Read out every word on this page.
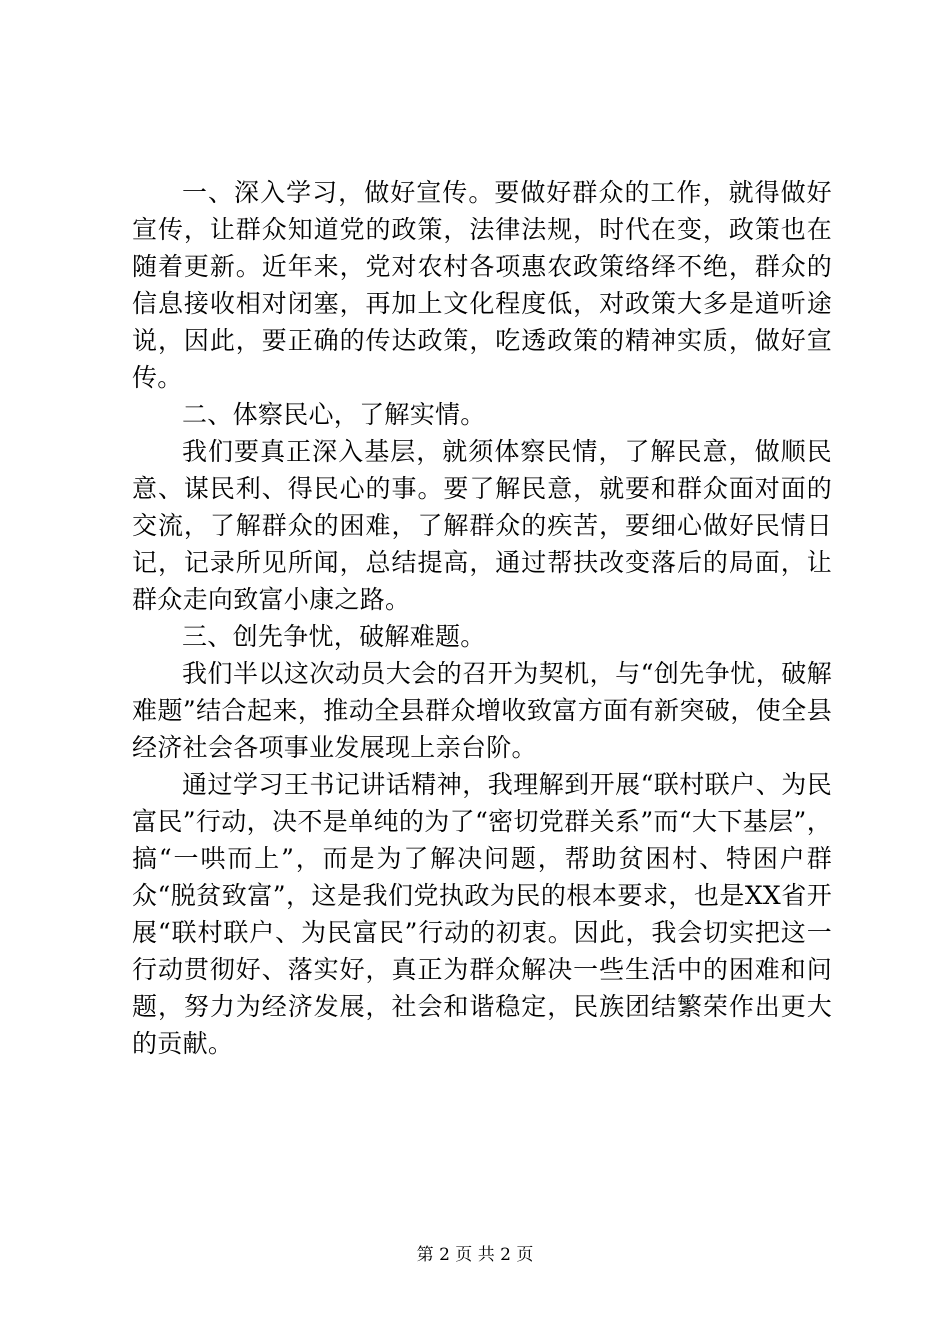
一、深入学习，做好宣传。要做好群众的工作，就得做好宣传，让群众知道党的政策，法律法规，时代在变，政策也在随着更新。近年来，党对农村各项惠农政策络绎不绝，群众的信息接收相对闭塞，再加上文化程度低，对政策大多是道听途说，因此，要正确的传达政策，吃透政策的精神实质，做好宣传。

二、体察民心，了解实情。

我们要真正深入基层，就须体察民情，了解民意，做顺民意、谋民利、得民心的事。要了解民意，就要和群众面对面的交流，了解群众的困难，了解群众的疾苦，要细心做好民情日记，记录所见所闻，总结提高，通过帮扶改变落后的局面，让群众走向致富小康之路。

三、创先争忧，破解难题。

我们半以这次动员大会的召开为契机，与“创先争忧，破解难题”结合起来，推动全县群众增收致富方面有新突破，使全县经济社会各项事业发展现上亲台阶。

通过学习王书记讲话精神，我理解到开展“联村联户、为民富民”行动，决不是单纯的为了“密切党群关系”而“大下基层”，搞“一哄而上”，而是为了解决问题，帮助贫困村、特困户群众“脱贫致富”，这是我们党执政为民的根本要求，也是XX省开展“联村联户、为民富民”行动的初衷。因此，我会切实把这一行动贯彻好、落实好，真正为群众解决一些生活中的困难和问题，努力为经济发展，社会和谐稳定，民族团结繁荣作出更大的贡献。

第 2 页 共 2 页
